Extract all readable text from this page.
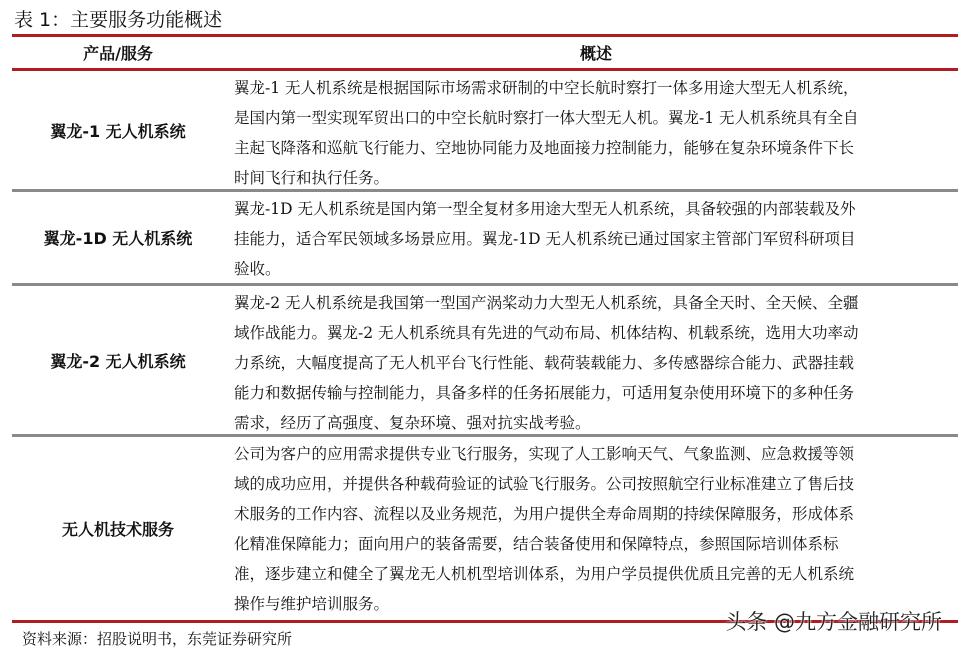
表 1：主要服务功能概述
产品/服务	概述
翼龙-1 无人机系统
翼龙-1 无人机系统是根据国际市场需求研制的中空长航时察打一体多用途大型无人机系统，
是国内第一型实现军贸出口的中空长航时察打一体大型无人机。翼龙-1 无人机系统具有全自
主起飞降落和巡航飞行能力、空地协同能力及地面接力控制能力，能够在复杂环境条件下长
时间飞行和执行任务。
翼龙-1D 无人机系统
翼龙-1D 无人机系统是国内第一型全复材多用途大型无人机系统，具备较强的内部装载及外
挂能力，适合军民领域多场景应用。翼龙-1D 无人机系统已通过国家主管部门军贸科研项目
验收。
翼龙-2 无人机系统
翼龙-2 无人机系统是我国第一型国产涡桨动力大型无人机系统，具备全天时、全天候、全疆
域作战能力。翼龙-2 无人机系统具有先进的气动布局、机体结构、机载系统，选用大功率动
力系统，大幅度提高了无人机平台飞行性能、载荷装载能力、多传感器综合能力、武器挂载
能力和数据传输与控制能力，具备多样的任务拓展能力，可适用复杂使用环境下的多种任务
需求，经历了高强度、复杂环境、强对抗实战考验。
无人机技术服务
公司为客户的应用需求提供专业飞行服务，实现了人工影响天气、气象监测、应急救援等领
域的成功应用，并提供各种载荷验证的试验飞行服务。公司按照航空行业标准建立了售后技
术服务的工作内容、流程以及业务规范，为用户提供全寿命周期的持续保障服务，形成体系
化精准保障能力；面向用户的装备需要，结合装备使用和保障特点，参照国际培训体系标
准，逐步建立和健全了翼龙无人机机型培训体系，为用户学员提供优质且完善的无人机系统
操作与维护培训服务。
资料来源：招股说明书，东莞证券研究所
头条 @九方金融研究所
